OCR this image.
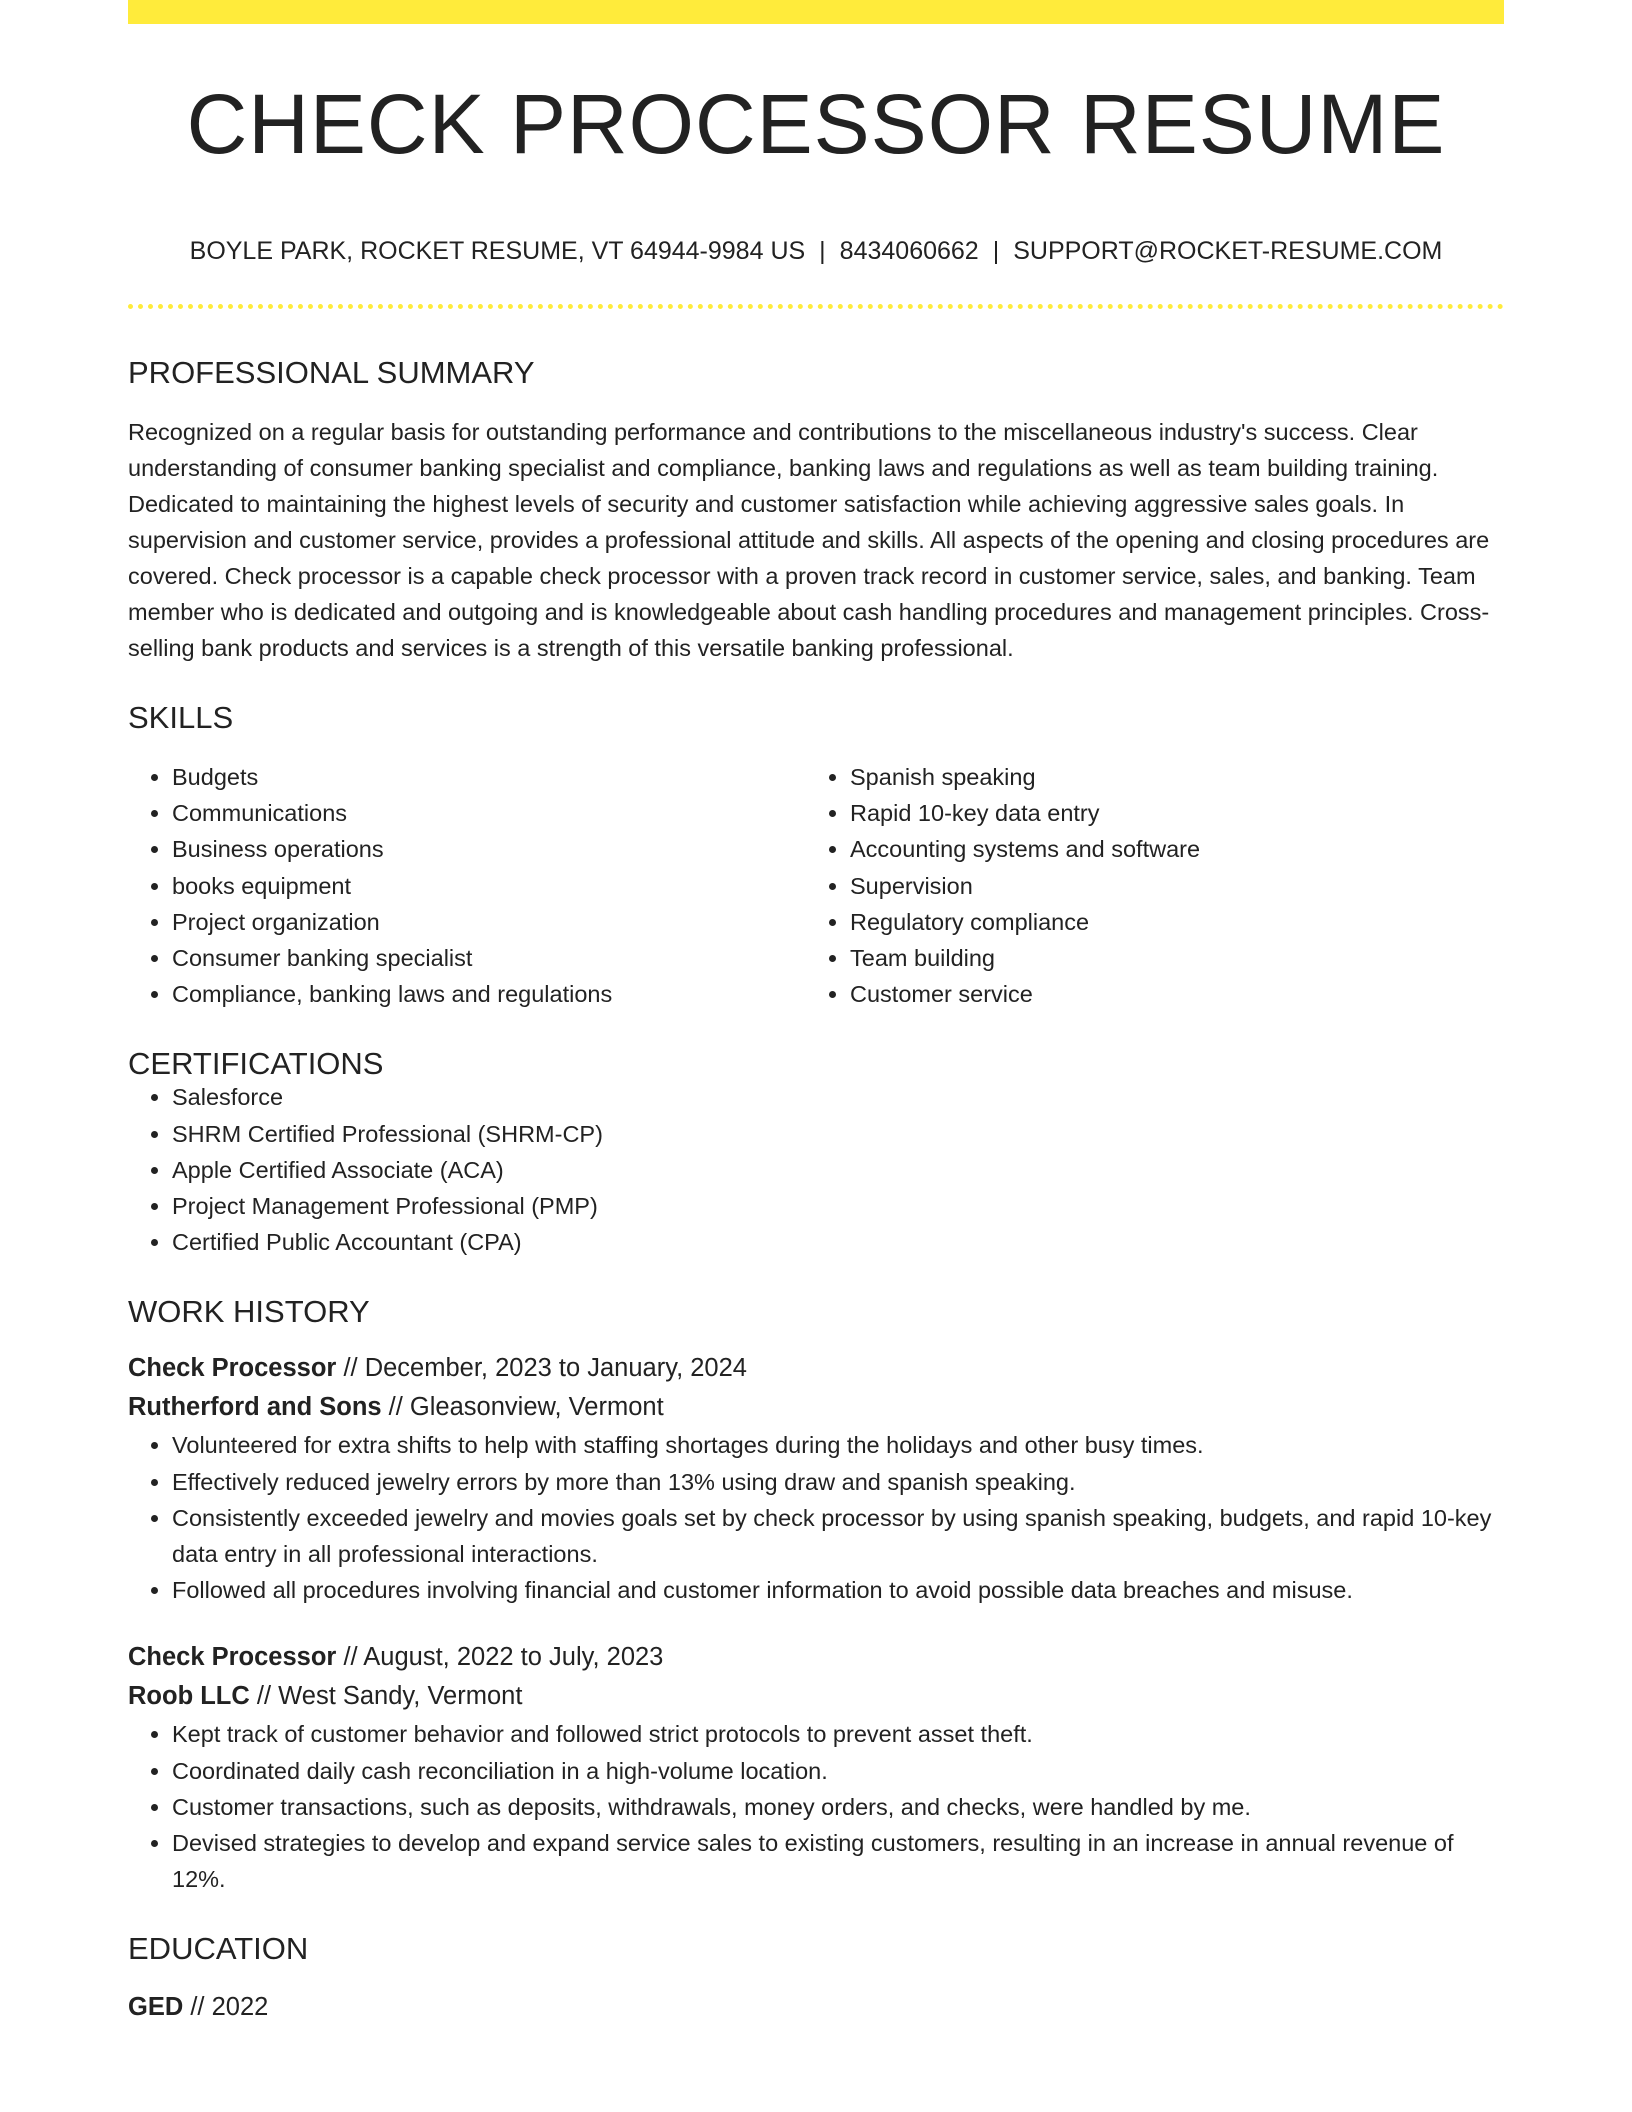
CHECK PROCESSOR RESUME
BOYLE PARK, ROCKET RESUME, VT 64944-9984 US | 8434060662 | SUPPORT@ROCKET-RESUME.COM
PROFESSIONAL SUMMARY
Recognized on a regular basis for outstanding performance and contributions to the miscellaneous industry's success. Clear understanding of consumer banking specialist and compliance, banking laws and regulations as well as team building training. Dedicated to maintaining the highest levels of security and customer satisfaction while achieving aggressive sales goals. In supervision and customer service, provides a professional attitude and skills. All aspects of the opening and closing procedures are covered. Check processor is a capable check processor with a proven track record in customer service, sales, and banking. Team member who is dedicated and outgoing and is knowledgeable about cash handling procedures and management principles. Cross-selling bank products and services is a strength of this versatile banking professional.
SKILLS
• Budgets
• Communications
• Business operations
• books equipment
• Project organization
• Consumer banking specialist
• Compliance, banking laws and regulations
• Spanish speaking
• Rapid 10-key data entry
• Accounting systems and software
• Supervision
• Regulatory compliance
• Team building
• Customer service
CERTIFICATIONS
• Salesforce
• SHRM Certified Professional (SHRM-CP)
• Apple Certified Associate (ACA)
• Project Management Professional (PMP)
• Certified Public Accountant (CPA)
WORK HISTORY
Check Processor // December, 2023 to January, 2024
Rutherford and Sons // Gleasonview, Vermont
• Volunteered for extra shifts to help with staffing shortages during the holidays and other busy times.
• Effectively reduced jewelry errors by more than 13% using draw and spanish speaking.
• Consistently exceeded jewelry and movies goals set by check processor by using spanish speaking, budgets, and rapid 10-key data entry in all professional interactions.
• Followed all procedures involving financial and customer information to avoid possible data breaches and misuse.
Check Processor // August, 2022 to July, 2023
Roob LLC // West Sandy, Vermont
• Kept track of customer behavior and followed strict protocols to prevent asset theft.
• Coordinated daily cash reconciliation in a high-volume location.
• Customer transactions, such as deposits, withdrawals, money orders, and checks, were handled by me.
• Devised strategies to develop and expand service sales to existing customers, resulting in an increase in annual revenue of 12%.
EDUCATION
GED // 2022
